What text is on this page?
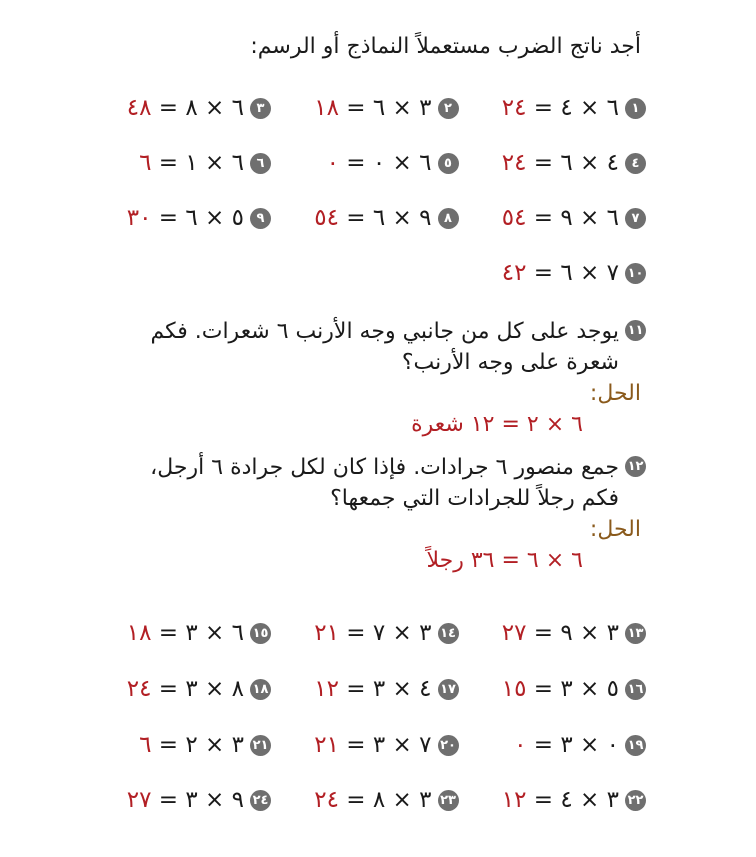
أجد ناتج الضرب مستعملاً النماذج أو الرسم:
١
٦ × ٤ =

٢٤
٢
٣ × ٦ =

١٨
٣
٦ × ٨ =

٤٨
٤
٤ × ٦ =

٢٤
٥
٦ × ٠ =

٠
٦
٦ × ١ =

٦
٧
٦ × ٩ =

٥٤
٨
٩ × ٦ =

٥٤
٩
٥ × ٦ =

٣٠
١٠
٧ × ٦ =

٤٢
١١يوجد على كل من جانبي وجه الأرنب ٦ شعرات. فكم
شعرة على وجه الأرنب؟
الحل:
٦ × ٢ = ١٢ شعرة
١٢جمع منصور ٦ جرادات. فإذا كان لكل جرادة ٦ أرجل،
فكم رجلاً للجرادات التي جمعها؟
الحل:
٦ × ٦ = ٣٦ رجلاً
١٣
٣ × ٩ =

٢٧
١٤
٣ × ٧ =

٢١
١٥
٦ × ٣ =

١٨
١٦
٥ × ٣ =

١٥
١٧
٤ × ٣ =

١٢
١٨
٨ × ٣ =

٢٤
١٩
٠ × ٣ =

٠
٢٠
٧ × ٣ =

٢١
٢١
٣ × ٢ =

٦
٢٢
٣ × ٤ =

١٢
٢٣
٣ × ٨ =

٢٤
٢٤
٩ × ٣ =

٢٧
